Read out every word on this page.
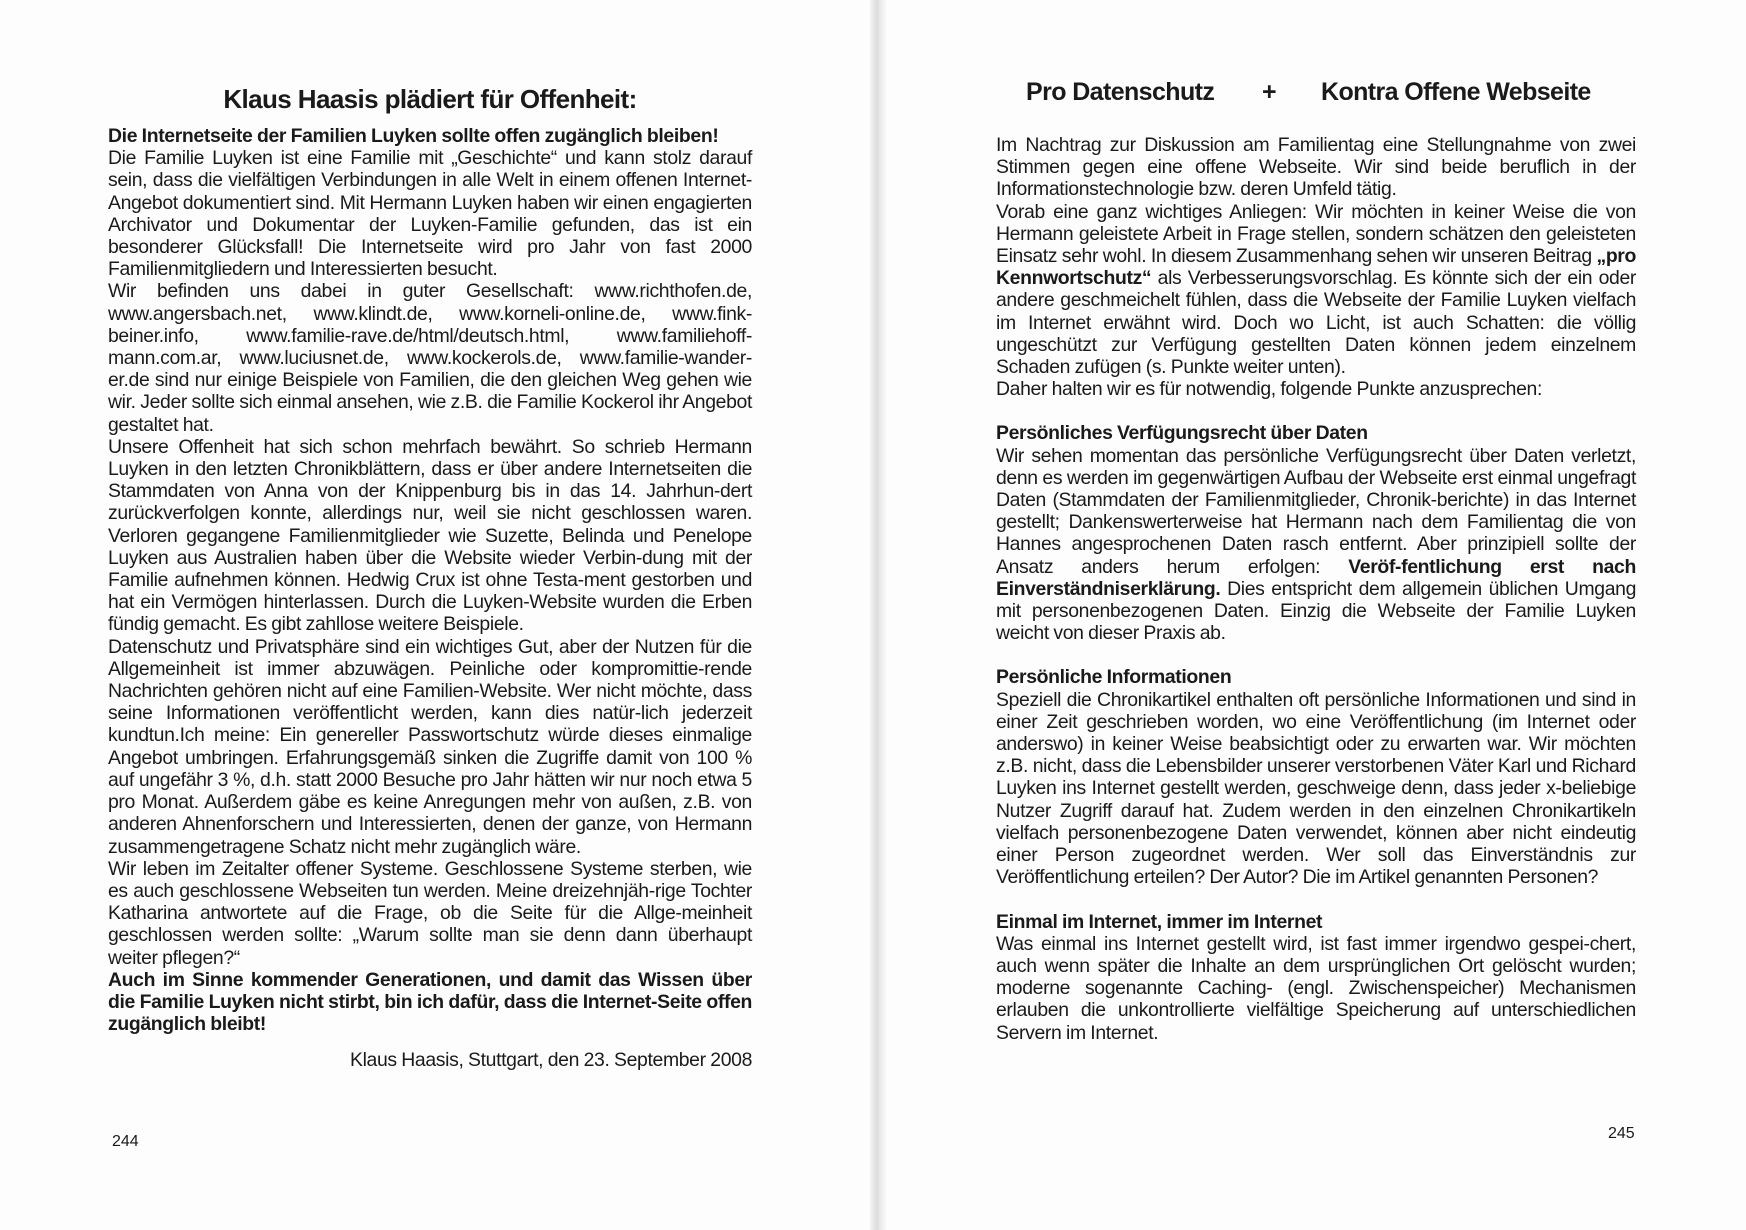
Klaus Haasis plädiert für Offenheit:

Die Internetseite der Familien Luyken sollte offen zugänglich bleiben!

Die Familie Luyken ist eine Familie mit „Geschichte“ und kann stolz darauf sein, dass die vielfältigen Verbindungen in alle Welt in einem offenen Internet-Angebot dokumentiert sind. Mit Hermann Luyken haben wir einen engagierten Archivator und Dokumentar der Luyken-Familie gefunden, das ist ein besonderer Glücksfall! Die Internetseite wird pro Jahr von fast 2000 Familienmitgliedern und Interessierten besucht.

Wir befinden uns dabei in guter Gesellschaft: www.richthofen.de, www.angersbach.net, www.klindt.de, www.korneli-online.de, www.fink-beiner.info, www.familie-rave.de/html/deutsch.html, www.familiehoff-mann.com.ar, www.luciusnet.de, www.kockerols.de, www.familie-wander-er.de sind nur einige Beispiele von Familien, die den gleichen Weg gehen wie wir. Jeder sollte sich einmal ansehen, wie z.B. die Familie Kockerol ihr Angebot gestaltet hat.

Unsere Offenheit hat sich schon mehrfach bewährt. So schrieb Hermann Luyken in den letzten Chronikblättern, dass er über andere Internetseiten die Stammdaten von Anna von der Knippenburg bis in das 14. Jahrhun-dert zurückverfolgen konnte, allerdings nur, weil sie nicht geschlossen waren. Verloren gegangene Familienmitglieder wie Suzette, Belinda und Penelope Luyken aus Australien haben über die Website wieder Verbin-dung mit der Familie aufnehmen können. Hedwig Crux ist ohne Testa-ment gestorben und hat ein Vermögen hinterlassen. Durch die Luyken-Website wurden die Erben fündig gemacht. Es gibt zahllose weitere Beispiele.

Datenschutz und Privatsphäre sind ein wichtiges Gut, aber der Nutzen für die Allgemeinheit ist immer abzuwägen. Peinliche oder kompromittie-rende Nachrichten gehören nicht auf eine Familien-Website. Wer nicht möchte, dass seine Informationen veröffentlicht werden, kann dies natür-lich jederzeit kundtun.Ich meine: Ein genereller Passwortschutz würde dieses einmalige Angebot umbringen. Erfahrungsgemäß sinken die Zugriffe damit von 100 % auf ungefähr 3 %, d.h. statt 2000 Besuche pro Jahr hätten wir nur noch etwa 5 pro Monat. Außerdem gäbe es keine Anregungen mehr von außen, z.B. von anderen Ahnenforschern und Interessierten, denen der ganze, von Hermann zusammengetragene Schatz nicht mehr zugänglich wäre.

Wir leben im Zeitalter offener Systeme. Geschlossene Systeme sterben, wie es auch geschlossene Webseiten tun werden. Meine dreizehnjäh-rige Tochter Katharina antwortete auf die Frage, ob die Seite für die Allge-meinheit geschlossen werden sollte: „Warum sollte man sie denn dann überhaupt weiter pflegen?“

Auch im Sinne kommender Generationen, und damit das Wissen über die Familie Luyken nicht stirbt, bin ich dafür, dass die Internet-Seite offen zugänglich bleibt!

Klaus Haasis, Stuttgart, den 23. September 2008

244
Pro Datenschutz + Kontra Offene Webseite

Im Nachtrag zur Diskussion am Familientag eine Stellungnahme von zwei Stimmen gegen eine offene Webseite. Wir sind beide beruflich in der Informationstechnologie bzw. deren Umfeld tätig.

Vorab eine ganz wichtiges Anliegen: Wir möchten in keiner Weise die von Hermann geleistete Arbeit in Frage stellen, sondern schätzen den geleisteten Einsatz sehr wohl. In diesem Zusammenhang sehen wir unseren Beitrag „pro Kennwortschutz“ als Verbesserungsvorschlag. Es könnte sich der ein oder andere geschmeichelt fühlen, dass die Webseite der Familie Luyken vielfach im Internet erwähnt wird. Doch wo Licht, ist auch Schatten: die völlig ungeschützt zur Verfügung gestellten Daten können jedem einzelnem Schaden zufügen (s. Punkte weiter unten).

Daher halten wir es für notwendig, folgende Punkte anzusprechen:

Persönliches Verfügungsrecht über Daten

Wir sehen momentan das persönliche Verfügungsrecht über Daten verletzt, denn es werden im gegenwärtigen Aufbau der Webseite erst einmal ungefragt Daten (Stammdaten der Familienmitglieder, Chronik-berichte) in das Internet gestellt; Dankenswerterweise hat Hermann nach dem Familientag die von Hannes angesprochenen Daten rasch entfernt. Aber prinzipiell sollte der Ansatz anders herum erfolgen: Veröf-fentlichung erst nach Einverständniserklärung. Dies entspricht dem allgemein üblichen Umgang mit personenbezogenen Daten. Einzig die Webseite der Familie Luyken weicht von dieser Praxis ab.

Persönliche Informationen

Speziell die Chronikartikel enthalten oft persönliche Informationen und sind in einer Zeit geschrieben worden, wo eine Veröffentlichung (im Internet oder anderswo) in keiner Weise beabsichtigt oder zu erwarten war. Wir möchten z.B. nicht, dass die Lebensbilder unserer verstorbenen Väter Karl und Richard Luyken ins Internet gestellt werden, geschweige denn, dass jeder x-beliebige Nutzer Zugriff darauf hat. Zudem werden in den einzelnen Chronikartikeln vielfach personenbezogene Daten verwendet, können aber nicht eindeutig einer Person zugeordnet werden. Wer soll das Einverständnis zur Veröffentlichung erteilen? Der Autor? Die im Artikel genannten Personen?

Einmal im Internet, immer im Internet

Was einmal ins Internet gestellt wird, ist fast immer irgendwo gespei-chert, auch wenn später die Inhalte an dem ursprünglichen Ort gelöscht wurden; moderne sogenannte Caching- (engl. Zwischenspeicher) Mechanismen erlauben die unkontrollierte vielfältige Speicherung auf unterschiedlichen Servern im Internet.

245
